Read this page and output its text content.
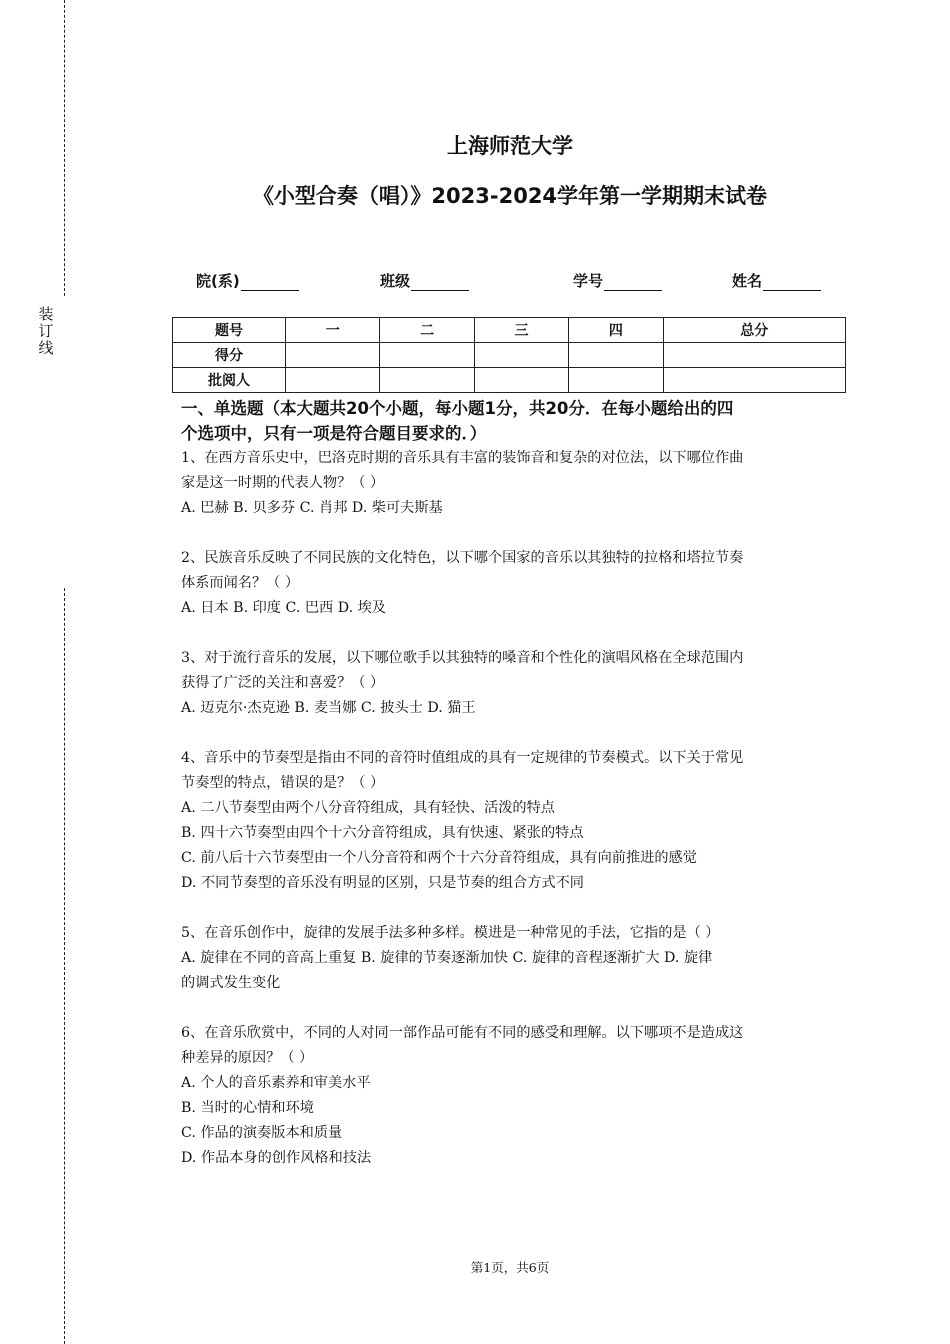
装
订
线
上海师范大学
《小型合奏（唱）》2023-2024学年第一学期期末试卷
院(系)	班级	学号	姓名
题号	一	二	三	四	总分
得分					
批阅人					

一、单选题（本大题共20个小题，每小题1分，共20分．在每小题给出的四

个选项中，只有一项是符合题目要求的．）

1、在西方音乐史中，巴洛克时期的音乐具有丰富的装饰音和复杂的对位法，以下哪位作曲

家是这一时期的代表人物？（ ）

A. 巴赫 B. 贝多芬 C. 肖邦 D. 柴可夫斯基

2、民族音乐反映了不同民族的文化特色，以下哪个国家的音乐以其独特的拉格和塔拉节奏

体系而闻名？（ ）

A. 日本 B. 印度 C. 巴西 D. 埃及

3、对于流行音乐的发展，以下哪位歌手以其独特的嗓音和个性化的演唱风格在全球范围内

获得了广泛的关注和喜爱？（ ）

A. 迈克尔·杰克逊 B. 麦当娜 C. 披头士 D. 猫王

4、音乐中的节奏型是指由不同的音符时值组成的具有一定规律的节奏模式。以下关于常见

节奏型的特点，错误的是？（ ）

A. 二八节奏型由两个八分音符组成，具有轻快、活泼的特点

B. 四十六节奏型由四个十六分音符组成，具有快速、紧张的特点

C. 前八后十六节奏型由一个八分音符和两个十六分音符组成，具有向前推进的感觉

D. 不同节奏型的音乐没有明显的区别，只是节奏的组合方式不同

5、在音乐创作中，旋律的发展手法多种多样。模进是一种常见的手法，它指的是（ ）

A. 旋律在不同的音高上重复 B. 旋律的节奏逐渐加快 C. 旋律的音程逐渐扩大 D. 旋律

的调式发生变化

6、在音乐欣赏中，不同的人对同一部作品可能有不同的感受和理解。以下哪项不是造成这

种差异的原因？（ ）

A. 个人的音乐素养和审美水平

B. 当时的心情和环境

C. 作品的演奏版本和质量

D. 作品本身的创作风格和技法

第1页，共6页
